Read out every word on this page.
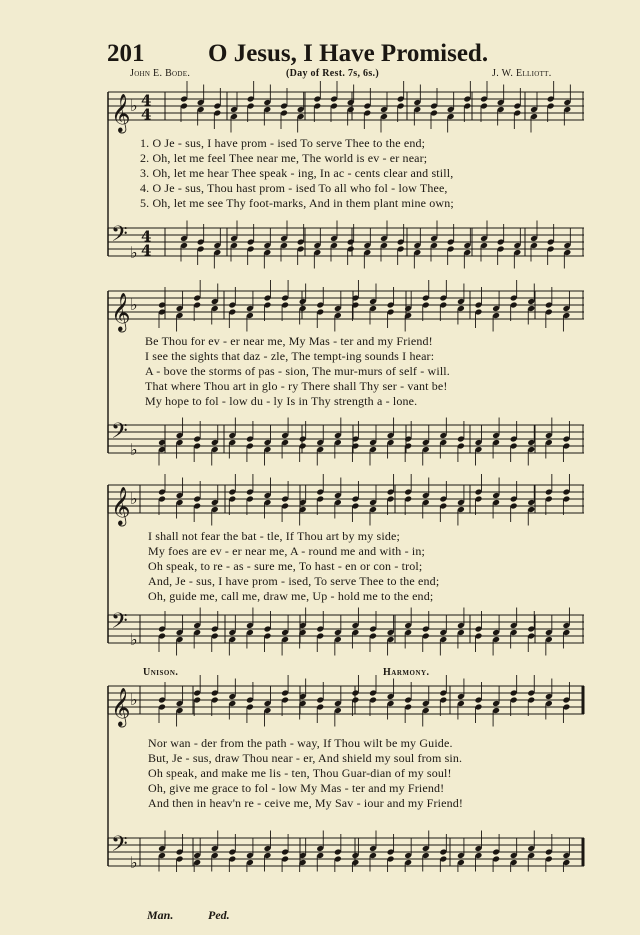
201	O Jesus, I Have Promised.
John E. Bode.	(Day of Rest. 7s, 6s.)	J. W. Elliott.
𝄞 ♭ 4
4
𝄢
♭
4
4
1. O Je - sus, I have prom - ised To serve Thee to the end;
2. Oh, let me feel Thee near me, The world is ev - er near;
3. Oh, let me hear Thee speak - ing, In ac - cents clear and still,
4. O Je - sus, Thou hast prom - ised To all who fol - low Thee,
5. Oh, let me see Thy foot-marks, And in them plant mine own;
𝄞 ♭
𝄢
♭
Be Thou for ev - er near me, My Mas - ter and my Friend!
I see the sights that daz - zle, The tempt-ing sounds I hear:
A - bove the storms of pas - sion, The mur-murs of self - will.
That where Thou art in glo - ry There shall Thy ser - vant be!
My hope to fol - low du - ly Is in Thy strength a - lone.
𝄞 ♭
𝄢
♭
I shall not fear the bat - tle, If Thou art by my side;
My foes are ev - er near me, A - round me and with - in;
Oh speak, to re - as - sure me, To hast - en or con - trol;
And, Je - sus, I have prom - ised, To serve Thee to the end;
Oh, guide me, call me, draw me, Up - hold me to the end;
Unison.	Harmony.
𝄞 ♭
𝄢
♭
Nor wan - der from the path - way, If Thou wilt be my Guide.
But, Je - sus, draw Thou near - er, And shield my soul from sin.
Oh speak, and make me lis - ten, Thou Guar-dian of my soul!
Oh, give me grace to fol - low My Mas - ter and my Friend!
And then in heav'n re - ceive me, My Sav - iour and my Friend!
Man.	Ped.
